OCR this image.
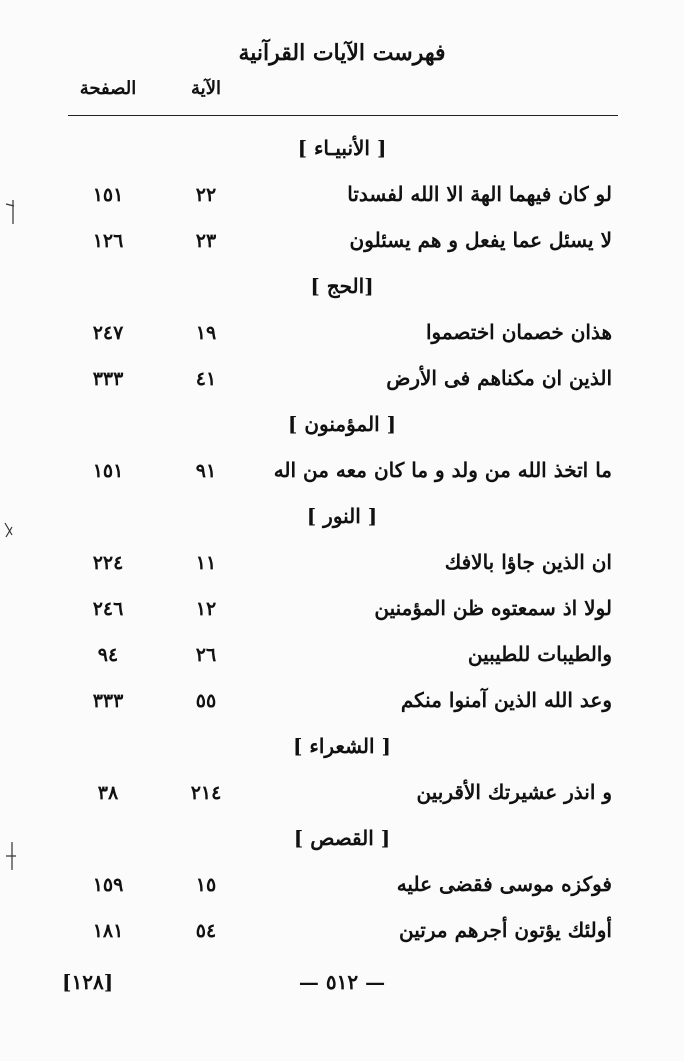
فهرست الآيات القرآنية
الصفحة	الآية
[ الأنبيـاء ]
لو كان فيهما الهة الا الله لفسدتا
٢٢
١٥١
لا يسئل عما يفعل و هم يسئلون
٢٣
١٢٦
[الحج ]
هذان خصمان اختصموا
١٩
٢٤٧
الذين ان مكناهم فى الأرض
٤١
٣٣٣
[ المؤمنون ]
ما اتخذ الله من ولد و ما كان معه من اله
٩١
١٥١
[ النور ]
ان الذين جاؤا بالافك
١١
٢٢٤
لولا اذ سمعتوه ظن المؤمنين
١٢
٢٤٦
والطيبات للطيبين
٢٦
٩٤
وعد الله الذين آمنوا منكم
٥٥
٣٣٣
[ الشعراء ]
و انذر عشيرتك الأقربين
٢١٤
٣٨
[ القصص ]
فوكزه موسى فقضى عليه
١٥
١٥٩
أولئك يؤتون أجرهم مرتين
٥٤
١٨١
— ٥١٢ —
[١٢٨]
